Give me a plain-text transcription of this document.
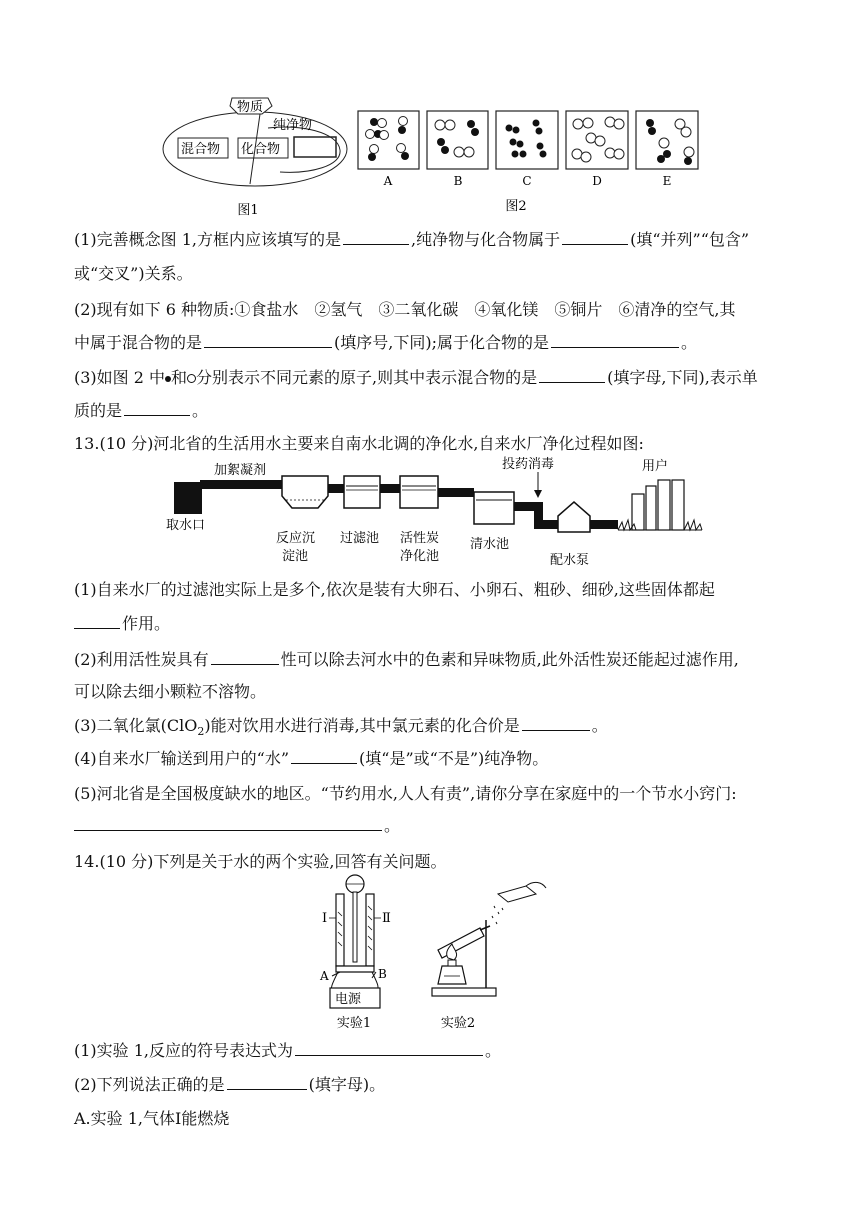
物质
纯净物
混合物 化合物
图1
A	B	C	D	E
图2
(1)完善概念图 1,方框内应该填写的是	,纯净物与化合物属于	(填“并列”“包含”
或“交叉”)关系。
(2)现有如下 6 种物质:①食盐水　②氢气　③二氧化碳　④氧化镁　⑤铜片　⑥清净的空气,其
中属于混合物的是	(填序号,下同);属于化合物的是	。
(3)如图 2 中 和 分别表示不同元素的原子,则其中表示混合物的是	(填字母,下同),表示单
质的是	。
13.(10 分)河北省的生活用水主要来自南水北调的净化水,自来水厂净化过程如图:
取水口
加絮凝剂
反应沉
淀池
过滤池 活性炭
净化池
清水池
投药消毒
配水泵
用户
(1)自来水厂的过滤池实际上是多个,依次是装有大卵石、小卵石、粗砂、细砂,这些固体都起
作用。
(2)利用活性炭具有	性可以除去河水中的色素和异味物质,此外活性炭还能起过滤作用,
可以除去细小颗粒不溶物。
(3)二氧化氯(ClO$_2$)能对饮用水进行消毒,其中氯元素的化合价是	。
(4)自来水厂输送到用户的“水”	(填“是”或“不是”)纯净物。
(5)河北省是全国极度缺水的地区。“节约用水,人人有责”,请你分享在家庭中的一个节水小窍门:
。
14.(10 分)下列是关于水的两个实验,回答有关问题。
Ⅰ	Ⅱ
A	B
电源
实验1	实验2
(1)实验 1,反应的符号表达式为	。
(2)下列说法正确的是	(填字母)。
A.实验 1,气体Ⅰ能燃烧
